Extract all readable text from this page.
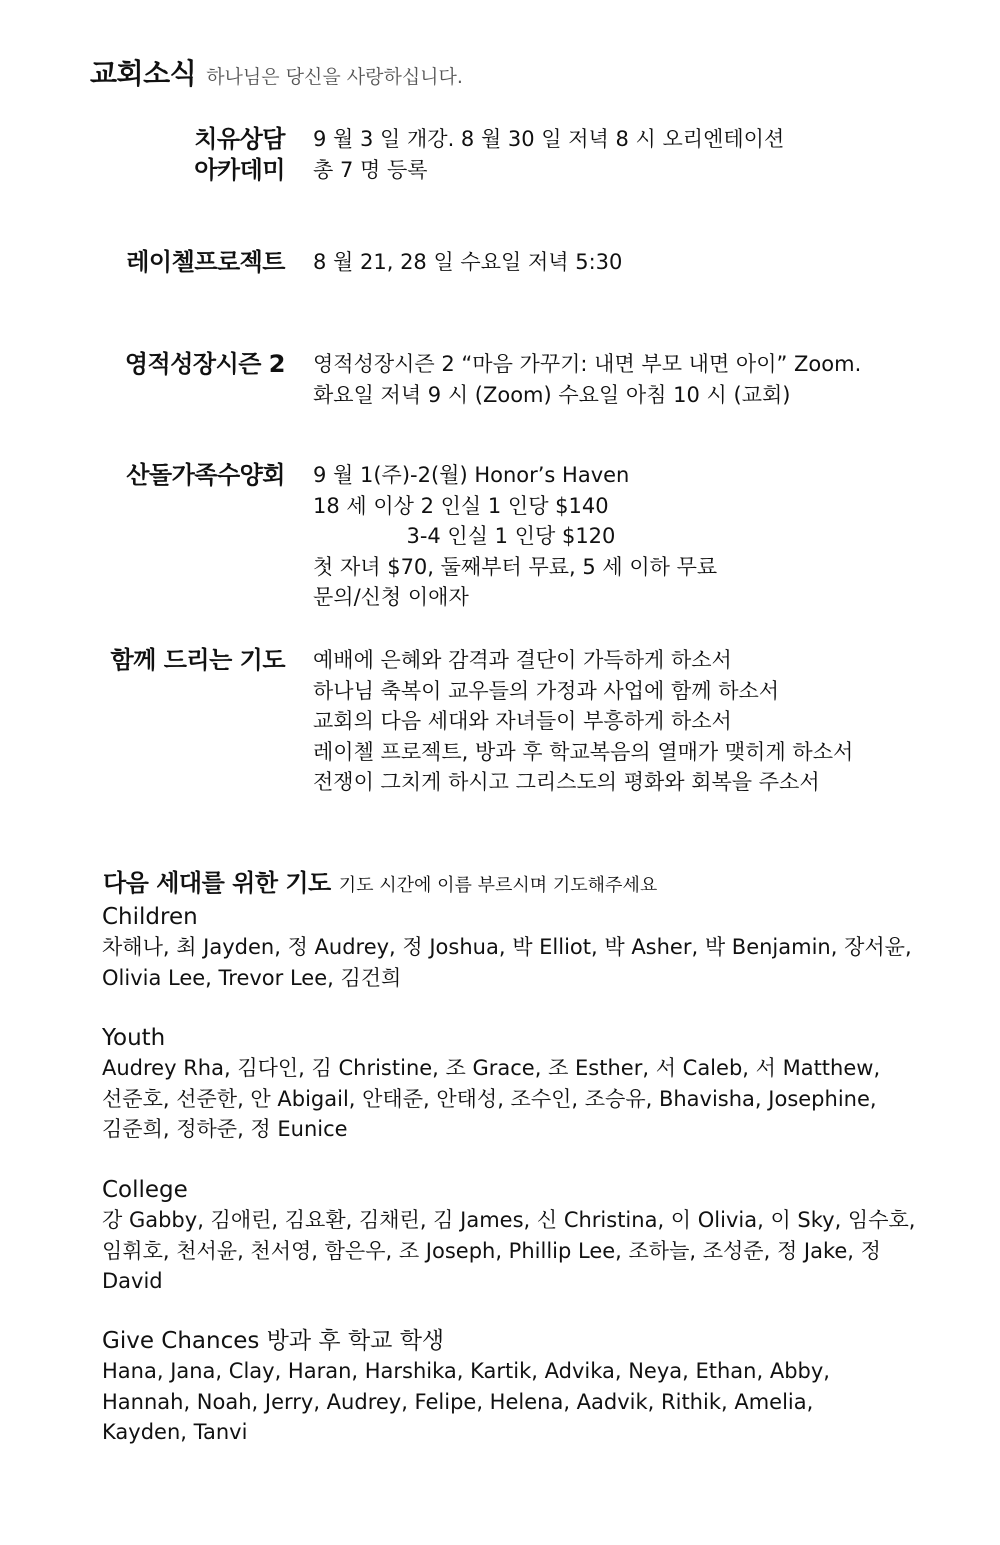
교회소식 하나님은 당신을 사랑하십니다.
치유상담
아카데미
9 월 3 일 개강. 8 월 30 일 저녁 8 시 오리엔테이션
총 7 명 등록
레이첼프로젝트 8 월 21, 28 일 수요일 저녁 5:30
영적성장시즌 2 영적성장시즌 2 “마음 가꾸기: 내면 부모 내면 아이” Zoom.
화요일 저녁 9 시 (Zoom) 수요일 아침 10 시 (교회)
산돌가족수양회 9 월 1(주)-2(월) Honor’s Haven
18 세 이상 2 인실 1 인당 $140
3-4 인실 1 인당 $120
첫 자녀 $70, 둘째부터 무료, 5 세 이하 무료
문의/신청 이애자
함께 드리는 기도 예배에 은혜와 감격과 결단이 가득하게 하소서
하나님 축복이 교우들의 가정과 사업에 함께 하소서
교회의 다음 세대와 자녀들이 부흥하게 하소서
레이첼 프로젝트, 방과 후 학교복음의 열매가 맺히게 하소서
전쟁이 그치게 하시고 그리스도의 평화와 회복을 주소서
다음 세대를 위한 기도 기도 시간에 이름 부르시며 기도해주세요
Children
차해나, 최 Jayden, 정 Audrey, 정 Joshua, 박 Elliot, 박 Asher, 박 Benjamin, 장서윤,
Olivia Lee, Trevor Lee, 김건희
Youth
Audrey Rha, 김다인, 김 Christine, 조 Grace, 조 Esther, 서 Caleb, 서 Matthew,
선준호, 선준한, 안 Abigail, 안태준, 안태성, 조수인, 조승유, Bhavisha, Josephine,
김준희, 정하준, 정 Eunice
College
강 Gabby, 김애린, 김요환, 김채린, 김 James, 신 Christina, 이 Olivia, 이 Sky, 임수호,
임휘호, 천서윤, 천서영, 함은우, 조 Joseph, Phillip Lee, 조하늘, 조성준, 정 Jake, 정
David
Give Chances 방과 후 학교 학생
Hana, Jana, Clay, Haran, Harshika, Kartik, Advika, Neya, Ethan, Abby,
Hannah, Noah, Jerry, Audrey, Felipe, Helena, Aadvik, Rithik, Amelia,
Kayden, Tanvi
